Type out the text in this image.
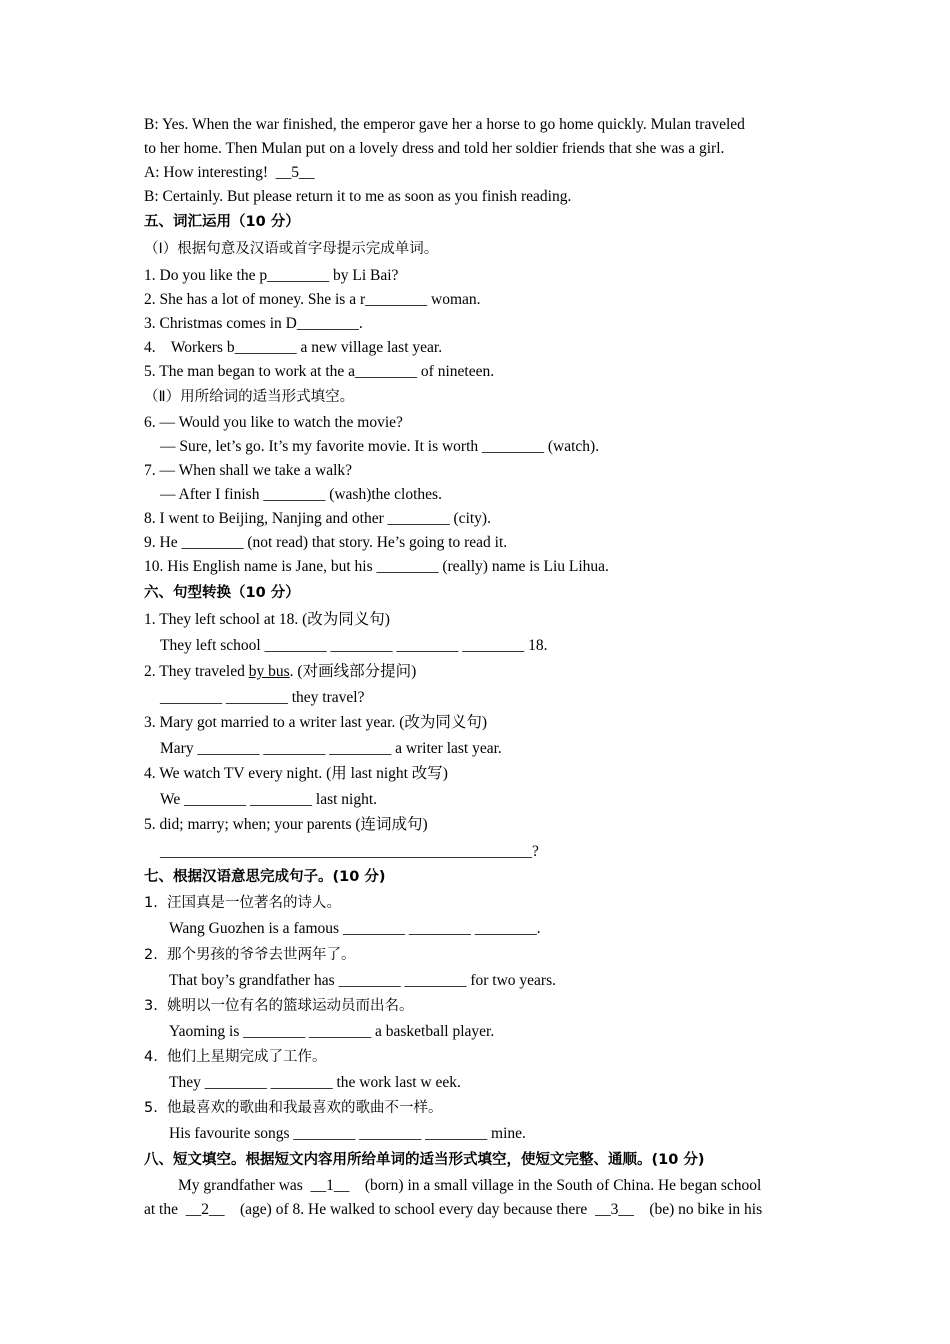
B: Yes. When the war finished, the emperor gave her a horse to go home quickly. Mulan traveled
to her home. Then Mulan put on a lovely dress and told her soldier friends that she was a girl.
A: How interesting!  __5__
B: Certainly. But please return it to me as soon as you finish reading.
五、词汇运用（10 分）
（Ⅰ）根据句意及汉语或首字母提示完成单词。
1. Do you like the p________ by Li Bai?
2. She has a lot of money. She is a r________ woman.
3. Christmas comes in D________.
4.    Workers b________ a new village last year.
5. The man began to work at the a________ of nineteen.
（Ⅱ）用所给词的适当形式填空。
6. — Would you like to watch the movie?
— Sure, let’s go. It’s my favorite movie. It is worth ________ (watch).
7. — When shall we take a walk?
— After I finish ________ (wash)the clothes.
8. I went to Beijing, Nanjing and other ________ (city).
9. He ________ (not read) that story. He’s going to read it.
10. His English name is Jane, but his ________ (really) name is Liu Lihua.
六、句型转换（10 分）
1. They left school at 18. (改为同义句)
They left school ________ ________ ________ ________ 18.
2. They traveled by bus. (对画线部分提问)
________ ________ they travel?
3. Mary got married to a writer last year. (改为同义句)
Mary ________ ________ ________ a writer last year.
4. We watch TV every night. (用 last night 改写)
We ________ ________ last night.
5. did; marry; when; your parents (连词成句)
________________________________________________?
七、根据汉语意思完成句子。(10 分)
1.  汪国真是一位著名的诗人。
Wang Guozhen is a famous ________ ________ ________.
2.  那个男孩的爷爷去世两年了。
That boy’s grandfather has ________ ________ for two years.
3.  姚明以一位有名的篮球运动员而出名。
Yaoming is ________ ________ a basketball player.
4.  他们上星期完成了工作。
They ________ ________ the work last w eek.
5.  他最喜欢的歌曲和我最喜欢的歌曲不一样。
His favourite songs ________ ________ ________ mine.
八、短文填空。根据短文内容用所给单词的适当形式填空，使短文完整、通顺。(10 分)
My grandfather was  __1__    (born) in a small village in the South of China. He began school
at the  __2__    (age) of 8. He walked to school every day because there  __3__    (be) no bike in his
